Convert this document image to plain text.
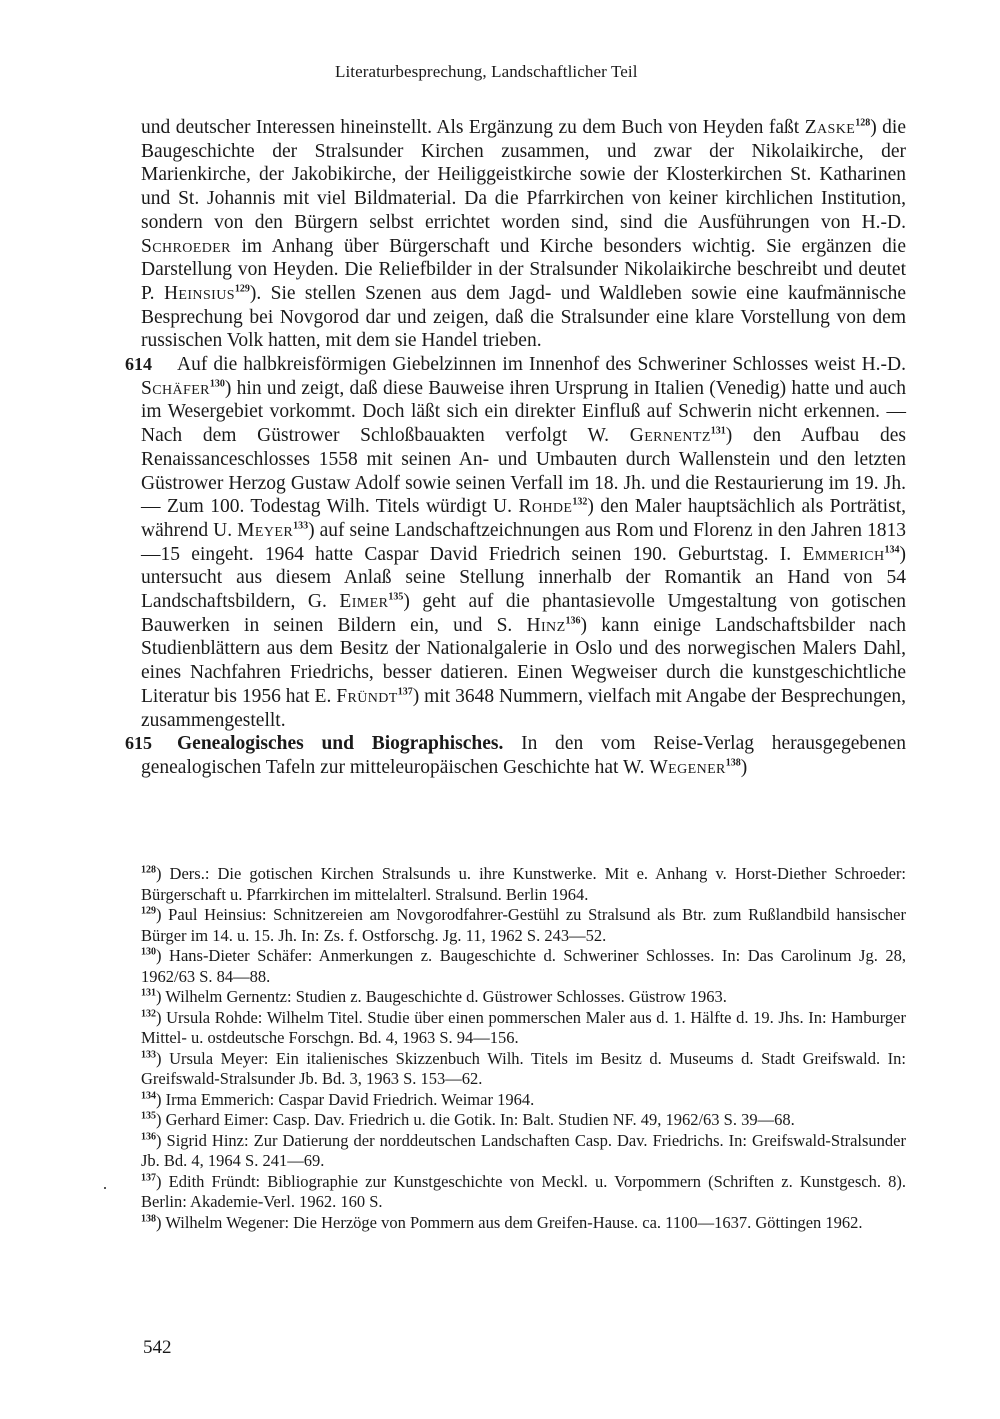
Literaturbesprechung, Landschaftlicher Teil

und deutscher Interessen hineinstellt. Als Ergänzung zu dem Buch von Heyden faßt Zaske$^{128}$) die Baugeschichte der Stralsunder Kirchen zusammen, und zwar der Nikolaikirche, der Marienkirche, der Jakobikirche, der Heiliggeistkirche sowie der Klosterkirchen St. Katharinen und St. Johannis mit viel Bildmaterial. Da die Pfarrkirchen von keiner kirchlichen Institution, sondern von den Bürgern selbst errichtet worden sind, sind die Ausführungen von H.-D. Schroeder im Anhang über Bürgerschaft und Kirche besonders wichtig. Sie ergänzen die Darstellung von Heyden. Die Reliefbilder in der Stralsunder Nikolaikirche beschreibt und deutet P. Heinsius$^{129}$). Sie stellen Szenen aus dem Jagd- und Waldleben sowie eine kaufmännische Besprechung bei Novgorod dar und zeigen, daß die Stralsunder eine klare Vorstellung von dem russischen Volk hatten, mit dem sie Handel trieben.

614 Auf die halbkreisförmigen Giebelzinnen im Innenhof des Schweriner Schlosses weist H.-D. Schäfer$^{130}$) hin und zeigt, daß diese Bauweise ihren Ursprung in Italien (Venedig) hatte und auch im Wesergebiet vorkommt. Doch läßt sich ein direkter Einfluß auf Schwerin nicht erkennen. — Nach dem Güstrower Schloßbauakten verfolgt W. Gernentz$^{131}$) den Aufbau des Renaissanceschlosses 1558 mit seinen An- und Umbauten durch Wallenstein und den letzten Güstrower Herzog Gustaw Adolf sowie seinen Verfall im 18. Jh. und die Restaurierung im 19. Jh. — Zum 100. Todestag Wilh. Titels würdigt U. Rohde$^{132}$) den Maler hauptsächlich als Porträtist, während U. Meyer$^{133}$) auf seine Landschaftzeichnungen aus Rom und Florenz in den Jahren 1813—15 eingeht. 1964 hatte Caspar David Friedrich seinen 190. Geburtstag. I. Emmerich$^{134}$) untersucht aus diesem Anlaß seine Stellung innerhalb der Romantik an Hand von 54 Landschaftsbildern, G. Eimer$^{135}$) geht auf die phantasievolle Umgestaltung von gotischen Bauwerken in seinen Bildern ein, und S. Hinz$^{136}$) kann einige Landschaftsbilder nach Studienblättern aus dem Besitz der Nationalgalerie in Oslo und des norwegischen Malers Dahl, eines Nachfahren Friedrichs, besser datieren. Einen Wegweiser durch die kunstgeschichtliche Literatur bis 1956 hat E. Fründt$^{137}$) mit 3648 Nummern, vielfach mit Angabe der Besprechungen, zusammengestellt.

615 Genealogisches und Biographisches. In den vom Reise-Verlag herausgegebenen genealogischen Tafeln zur mitteleuropäischen Geschichte hat W. Wegener$^{138}$)

$^{128}$) Ders.: Die gotischen Kirchen Stralsunds u. ihre Kunstwerke. Mit e. Anhang v. Horst-Diether Schroeder: Bürgerschaft u. Pfarrkirchen im mittelalterl. Stralsund. Berlin 1964.

$^{129}$) Paul Heinsius: Schnitzereien am Novgorodfahrer-Gestühl zu Stralsund als Btr. zum Rußlandbild hansischer Bürger im 14. u. 15. Jh. In: Zs. f. Ostforschg. Jg. 11, 1962 S. 243—52.

$^{130}$) Hans-Dieter Schäfer: Anmerkungen z. Baugeschichte d. Schweriner Schlosses. In: Das Carolinum Jg. 28, 1962/63 S. 84—88.

$^{131}$) Wilhelm Gernentz: Studien z. Baugeschichte d. Güstrower Schlosses. Güstrow 1963.

$^{132}$) Ursula Rohde: Wilhelm Titel. Studie über einen pommerschen Maler aus d. 1. Hälfte d. 19. Jhs. In: Hamburger Mittel- u. ostdeutsche Forschgn. Bd. 4, 1963 S. 94—156.

$^{133}$) Ursula Meyer: Ein italienisches Skizzenbuch Wilh. Titels im Besitz d. Museums d. Stadt Greifswald. In: Greifswald-Stralsunder Jb. Bd. 3, 1963 S. 153—62.

$^{134}$) Irma Emmerich: Caspar David Friedrich. Weimar 1964.

$^{135}$) Gerhard Eimer: Casp. Dav. Friedrich u. die Gotik. In: Balt. Studien NF. 49, 1962/63 S. 39—68.

$^{136}$) Sigrid Hinz: Zur Datierung der norddeutschen Landschaften Casp. Dav. Friedrichs. In: Greifswald-Stralsunder Jb. Bd. 4, 1964 S. 241—69.

$^{137}$) Edith Fründt: Bibliographie zur Kunstgeschichte von Meckl. u. Vorpommern (Schriften z. Kunstgesch. 8). Berlin: Akademie-Verl. 1962. 160 S.

$^{138}$) Wilhelm Wegener: Die Herzöge von Pommern aus dem Greifen-Hause. ca. 1100—1637. Göttingen 1962.

542
